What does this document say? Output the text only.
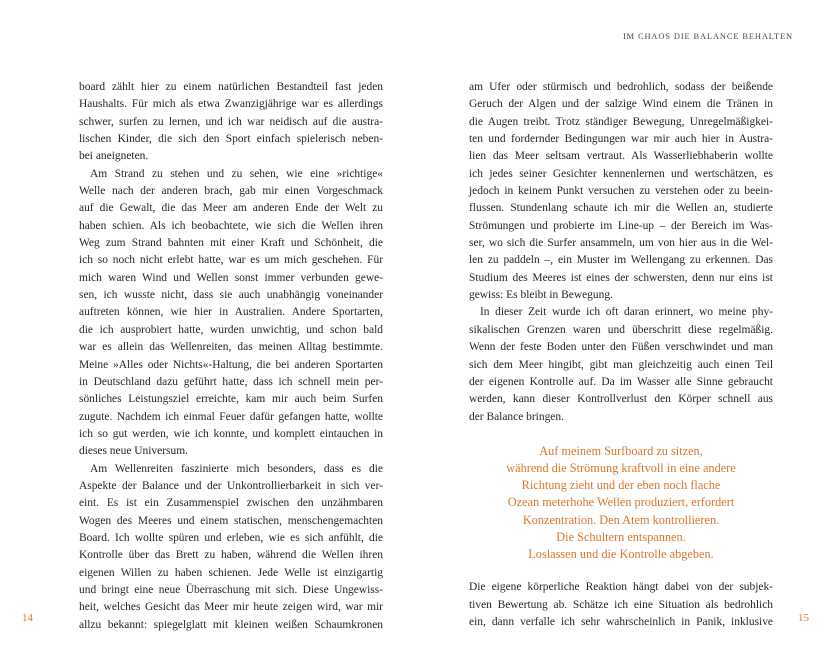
board zählt hier zu einem natürlichen Bestandteil fast jeden
Haushalts. Für mich als etwa Zwanzigjährige war es allerdings
schwer, surfen zu lernen, und ich war neidisch auf die austra-
lischen Kinder, die sich den Sport einfach spielerisch neben-
bei aneigneten.
Am Strand zu stehen und zu sehen, wie eine »richtige«
Welle nach der anderen brach, gab mir einen Vorgeschmack
auf die Gewalt, die das Meer am anderen Ende der Welt zu
haben schien. Als ich beobachtete, wie sich die Wellen ihren
Weg zum Strand bahnten mit einer Kraft und Schönheit, die
ich so noch nicht erlebt hatte, war es um mich geschehen. Für
mich waren Wind und Wellen sonst immer verbunden gewe-
sen, ich wusste nicht, dass sie auch unabhängig voneinander
auftreten können, wie hier in Australien. Andere Sportarten,
die ich ausprobiert hatte, wurden unwichtig, und schon bald
war es allein das Wellenreiten, das meinen Alltag bestimmte.
Meine »Alles oder Nichts«-Haltung, die bei anderen Sportarten
in Deutschland dazu geführt hatte, dass ich schnell mein per-
sönliches Leistungsziel erreichte, kam mir auch beim Surfen
zugute. Nachdem ich einmal Feuer dafür gefangen hatte, wollte
ich so gut werden, wie ich konnte, und komplett eintauchen in
dieses neue Universum.
Am Wellenreiten faszinierte mich besonders, dass es die
Aspekte der Balance und der Unkontrollierbarkeit in sich ver-
eint. Es ist ein Zusammenspiel zwischen den unzähmbaren
Wogen des Meeres und einem statischen, menschengemachten
Board. Ich wollte spüren und erleben, wie es sich anfühlt, die
Kontrolle über das Brett zu haben, während die Wellen ihren
eigenen Willen zu haben schienen. Jede Welle ist einzigartig
und bringt eine neue Überraschung mit sich. Diese Ungewiss-
heit, welches Gesicht das Meer mir heute zeigen wird, war mir
allzu bekannt: spiegelglatt mit kleinen weißen Schaumkronen
14
IM CHAOS DIE BALANCE BEHALTEN
am Ufer oder stürmisch und bedrohlich, sodass der beißende
Geruch der Algen und der salzige Wind einem die Tränen in
die Augen treibt. Trotz ständiger Bewegung, Unregelmäßigkei-
ten und fordernder Bedingungen war mir auch hier in Austra-
lien das Meer seltsam vertraut. Als Wasserliebhaberin wollte
ich jedes seiner Gesichter kennenlernen und wertschätzen, es
jedoch in keinem Punkt versuchen zu verstehen oder zu beein-
flussen. Stundenlang schaute ich mir die Wellen an, studierte
Strömungen und probierte im Line-up – der Bereich im Was-
ser, wo sich die Surfer ansammeln, um von hier aus in die Wel-
len zu paddeln –, ein Muster im Wellengang zu erkennen. Das
Studium des Meeres ist eines der schwersten, denn nur eins ist
gewiss: Es bleibt in Bewegung.
In dieser Zeit wurde ich oft daran erinnert, wo meine phy-
sikalischen Grenzen waren und überschritt diese regelmäßig.
Wenn der feste Boden unter den Füßen verschwindet und man
sich dem Meer hingibt, gibt man gleichzeitig auch einen Teil
der eigenen Kontrolle auf. Da im Wasser alle Sinne gebraucht
werden, kann dieser Kontrollverlust den Körper schnell aus
der Balance bringen.
Auf meinem Surfboard zu sitzen,
während die Strömung kraftvoll in eine andere
Richtung zieht und der eben noch flache
Ozean meterhohe Wellen produziert, erfordert
Konzentration. Den Atem kontrollieren.
Die Schultern entspannen.
Loslassen und die Kontrolle abgeben.
Die eigene körperliche Reaktion hängt dabei von der subjek-
tiven Bewertung ab. Schätze ich eine Situation als bedrohlich
ein, dann verfalle ich sehr wahrscheinlich in Panik, inklusive 15
